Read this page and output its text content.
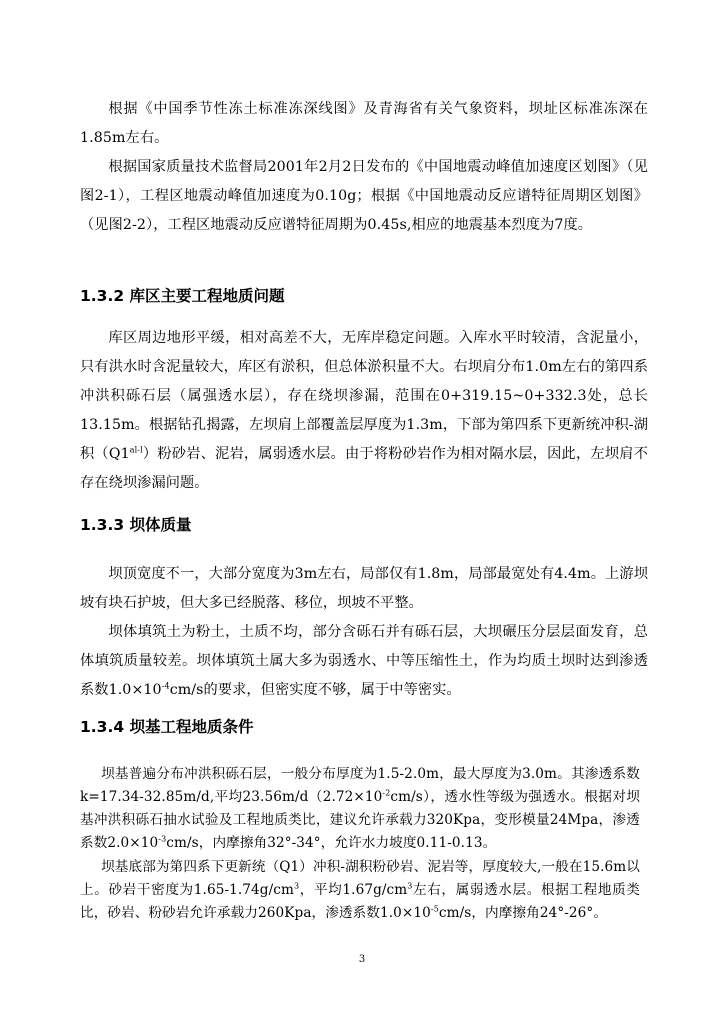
根据《中国季节性冻土标准冻深线图》及青海省有关气象资料，坝址区标准冻深在1.85m左右。

根据国家质量技术监督局2001年2月2日发布的《中国地震动峰值加速度区划图》（见图2-1），工程区地震动峰值加速度为0.10g；根据《中国地震动反应谱特征周期区划图》（见图2-2），工程区地震动反应谱特征周期为0.45s,相应的地震基本烈度为7度。

1.3.2 库区主要工程地质问题

库区周边地形平缓，相对高差不大，无库岸稳定问题。入库水平时较清，含泥量小，只有洪水时含泥量较大，库区有淤积，但总体淤积量不大。右坝肩分布1.0m左右的第四系冲洪积砾石层（属强透水层），存在绕坝渗漏，范围在0+319.15~0+332.3处，总长13.15m。根据钻孔揭露，左坝肩上部覆盖层厚度为1.3m，下部为第四系下更新统冲积-湖积$(Q1^{al-l})$粉砂岩、泥岩，属弱透水层。由于将粉砂岩作为相对隔水层，因此，左坝肩不存在绕坝渗漏问题。

1.3.3 坝体质量

坝顶宽度不一，大部分宽度为3m左右，局部仅有1.8m，局部最宽处有4.4m。上游坝坡有块石护坡，但大多已经脱落、移位，坝坡不平整。

坝体填筑土为粉土，土质不均，部分含砾石并有砾石层，大坝碾压分层层面发育，总体填筑质量较差。坝体填筑土属大多为弱透水、中等压缩性土，作为均质土坝时达到渗透系数$1.0\times 10^{-4}cm/s$的要求，但密实度不够，属于中等密实。

1.3.4 坝基工程地质条件

坝基普遍分布冲洪积砾石层，一般分布厚度为1.5-2.0m，最大厚度为3.0m。其渗透系数k=17.34-32.85m/d,平均$23.56m/d(2.72\times 10^{-2}cm/s)$，透水性等级为强透水。根据对坝基冲洪积砾石抽水试验及工程地质类比，建议允许承载力320Kpa，变形模量24Mpa，渗透系数$2.0\times 10^{-3}cm/s$，内摩擦角32°-34°，允许水力坡度0.11-0.13。

坝基底部为第四系下更新统（Q1）冲积-湖积粉砂岩、泥岩等，厚度较大,一般在15.6m以上。砂岩干密度为$1.65-1.74g/cm^3$，平均$1.67g/cm^3$左右，属弱透水层。根据工程地质类比，砂岩、粉砂岩允许承载力260Kpa，渗透系数$1.0\times 10^{-5}cm/s$，内摩擦角24°-26°。

3
